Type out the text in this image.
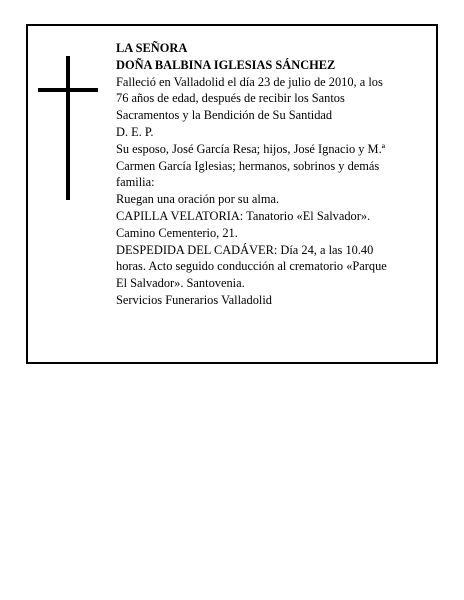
LA SEÑORA
DOÑA BALBINA IGLESIAS SÁNCHEZ
Falleció en Valladolid el día 23 de julio de 2010, a los
76 años de edad, después de recibir los Santos
Sacramentos y la Bendición de Su Santidad
D. E. P.
Su esposo, José García Resa; hijos, José Ignacio y M.ª
Carmen García Iglesias; hermanos, sobrinos y demás
familia:
Ruegan una oración por su alma.
CAPILLA VELATORIA: Tanatorio «El Salvador».
Camino Cementerio, 21.
DESPEDIDA DEL CADÁVER: Día 24, a las 10.40
horas. Acto seguido conducción al crematorio «Parque
El Salvador». Santovenia.
Servicios Funerarios Valladolid
